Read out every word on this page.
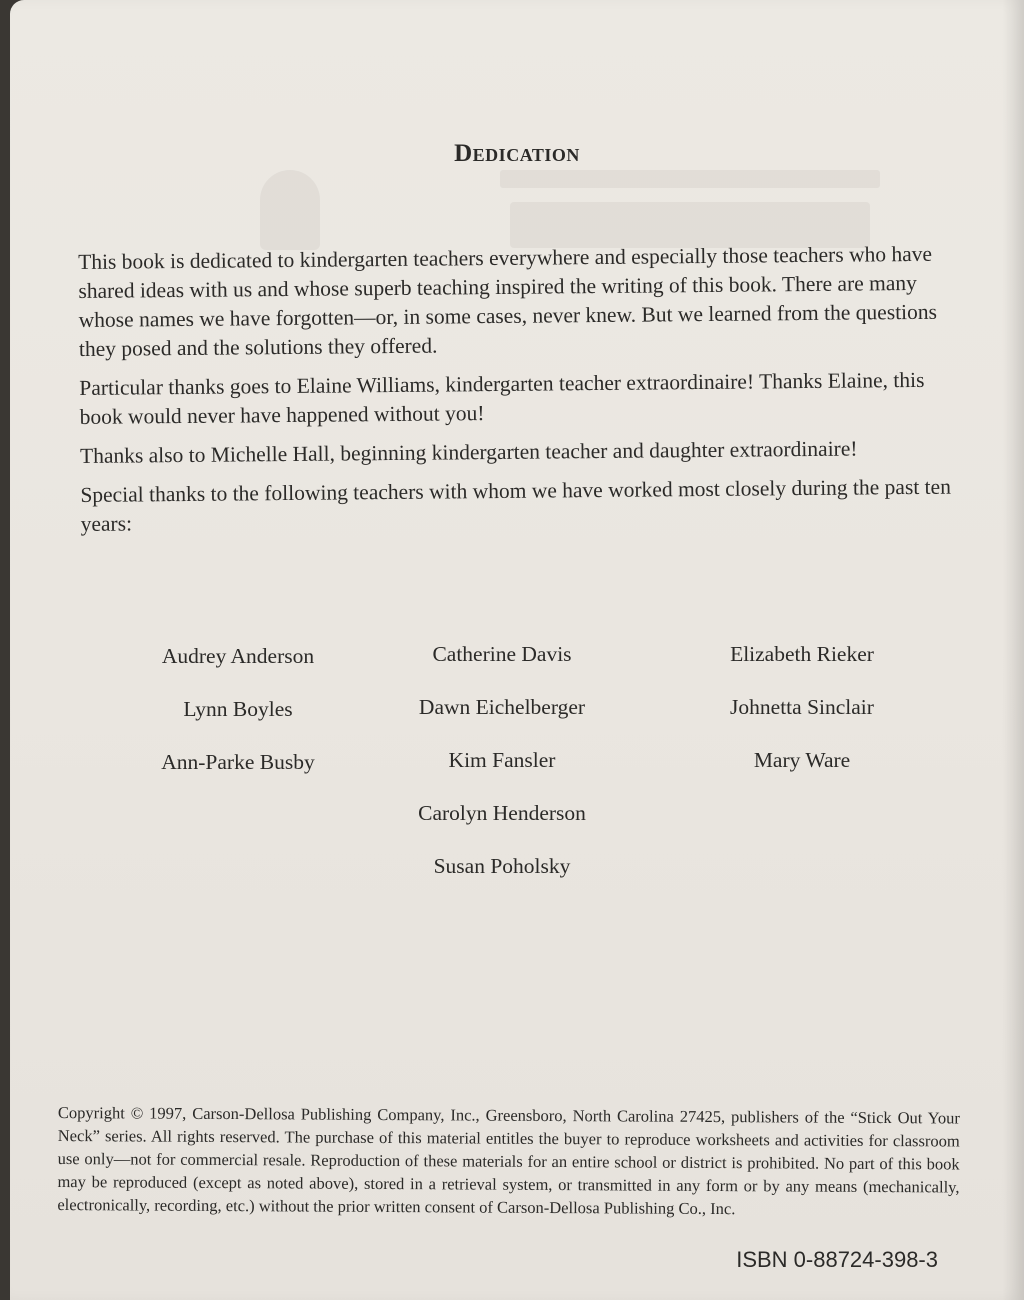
Dedication

This book is dedicated to kindergarten teachers everywhere and especially those teachers who have shared ideas with us and whose superb teaching inspired the writing of this book. There are many whose names we have forgotten—or, in some cases, never knew. But we learned from the questions they posed and the solutions they offered.

Particular thanks goes to Elaine Williams, kindergarten teacher extraordinaire! Thanks Elaine, this book would never have happened without you!

Thanks also to Michelle Hall, beginning kindergarten teacher and daughter extraordinaire!

Special thanks to the following teachers with whom we have worked most closely during the past ten years:

Audrey Anderson
Lynn Boyles
Ann-Parke Busby
Catherine Davis
Dawn Eichelberger
Kim Fansler
Carolyn Henderson
Susan Poholsky
Elizabeth Rieker
Johnetta Sinclair
Mary Ware
Copyright © 1997, Carson-Dellosa Publishing Company, Inc., Greensboro, North Carolina 27425, publishers of the “Stick Out Your Neck” series. All rights reserved. The purchase of this material entitles the buyer to reproduce worksheets and activities for classroom use only—not for commercial resale. Reproduction of these materials for an entire school or district is prohibited. No part of this book may be reproduced (except as noted above), stored in a retrieval system, or transmitted in any form or by any means (mechanically, electronically, recording, etc.) without the prior written consent of Carson-Dellosa Publishing Co., Inc.
ISBN 0-88724-398-3
